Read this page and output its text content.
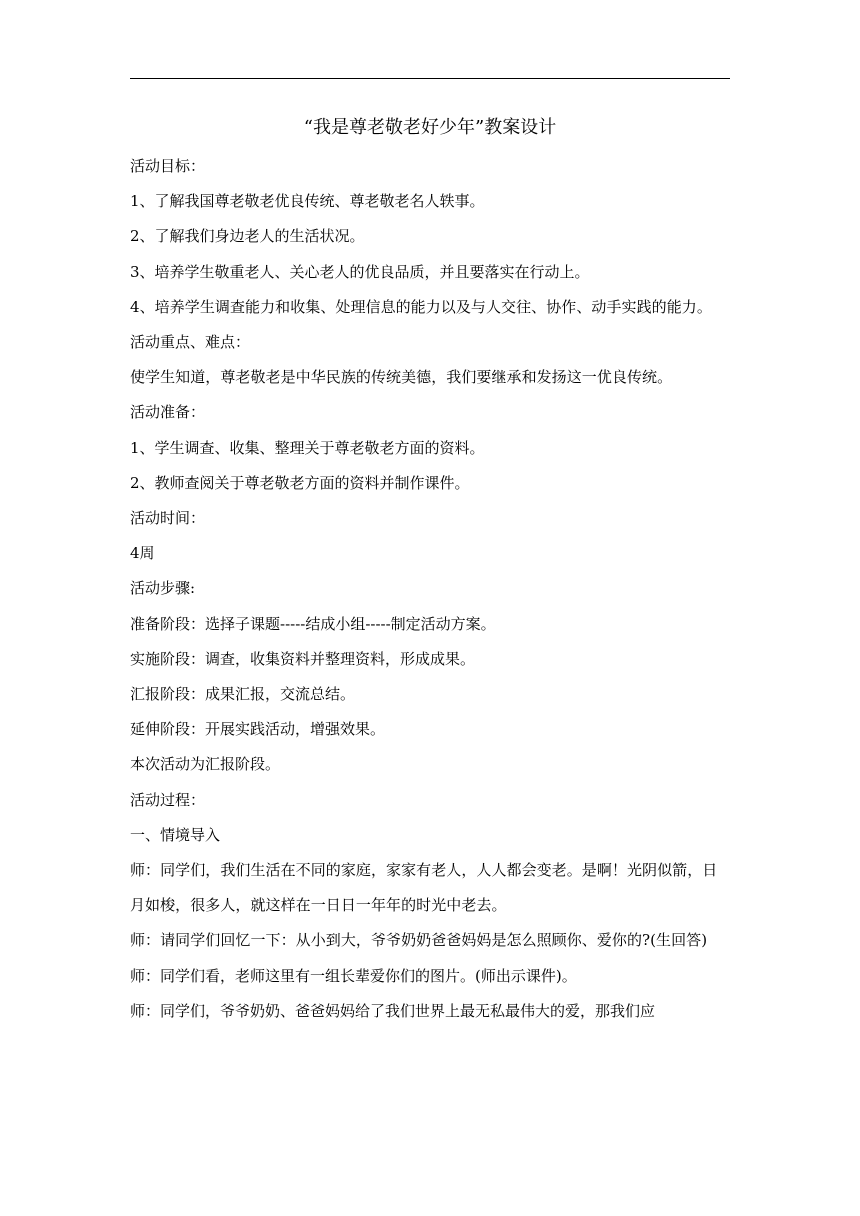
“我是尊老敬老好少年”教案设计

活动目标：

1、了解我国尊老敬老优良传统、尊老敬老名人轶事。

2、了解我们身边老人的生活状况。

3、培养学生敬重老人、关心老人的优良品质，并且要落实在行动上。

4、培养学生调查能力和收集、处理信息的能力以及与人交往、协作、动手实践的能力。

活动重点、难点：

使学生知道，尊老敬老是中华民族的传统美德，我们要继承和发扬这一优良传统。

活动准备：

1、学生调查、收集、整理关于尊老敬老方面的资料。

2、教师查阅关于尊老敬老方面的资料并制作课件。

活动时间：

4周

活动步骤:

准备阶段：选择子课题-----结成小组-----制定活动方案。

实施阶段：调查，收集资料并整理资料，形成成果。

汇报阶段：成果汇报，交流总结。

延伸阶段：开展实践活动，增强效果。

本次活动为汇报阶段。

活动过程：

一、情境导入

师：同学们，我们生活在不同的家庭，家家有老人，人人都会变老。是啊！光阴似箭，日月如梭，很多人，就这样在一日日一年年的时光中老去。

师：请同学们回忆一下：从小到大，爷爷奶奶爸爸妈妈是怎么照顾你、爱你的?(生回答)

师：同学们看，老师这里有一组长辈爱你们的图片。(师出示课件)。

师：同学们，爷爷奶奶、爸爸妈妈给了我们世界上最无私最伟大的爱，那我们应
